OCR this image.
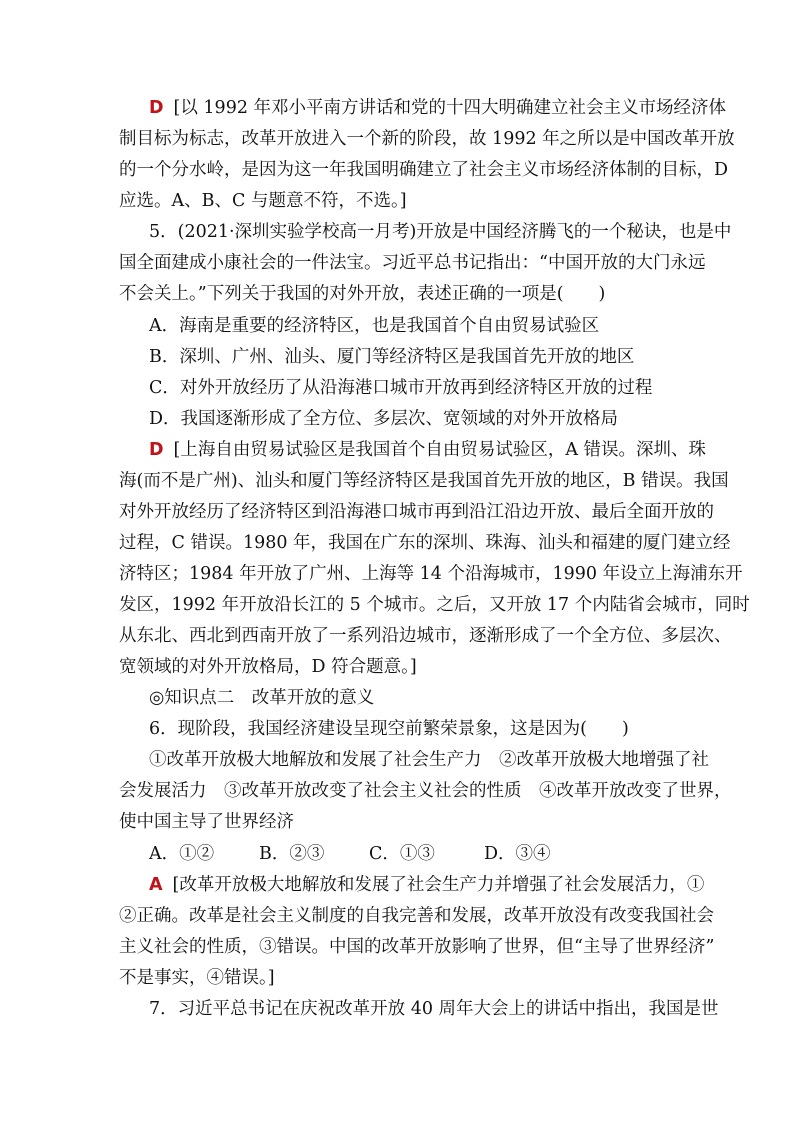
D [以 1992 年邓小平南方讲话和党的十四大明确建立社会主义市场经济体
制目标为标志，改革开放进入一个新的阶段，故 1992 年之所以是中国改革开放
的一个分水岭，是因为这一年我国明确建立了社会主义市场经济体制的目标，D
应选。A、B、C 与题意不符，不选。]
5．(2021·深圳实验学校高一月考)开放是中国经济腾飞的一个秘诀，也是中
国全面建成小康社会的一件法宝。习近平总书记指出：“中国开放的大门永远
不会关上。”下列关于我国的对外开放，表述正确的一项是(　　)
A．海南是重要的经济特区，也是我国首个自由贸易试验区
B．深圳、广州、汕头、厦门等经济特区是我国首先开放的地区
C．对外开放经历了从沿海港口城市开放再到经济特区开放的过程
D．我国逐渐形成了全方位、多层次、宽领域的对外开放格局
D [上海自由贸易试验区是我国首个自由贸易试验区，A 错误。深圳、珠
海(而不是广州)、汕头和厦门等经济特区是我国首先开放的地区，B 错误。我国
对外开放经历了经济特区到沿海港口城市再到沿江沿边开放、最后全面开放的
过程，C 错误。1980 年，我国在广东的深圳、珠海、汕头和福建的厦门建立经
济特区；1984 年开放了广州、上海等 14 个沿海城市，1990 年设立上海浦东开
发区，1992 年开放沿长江的 5 个城市。之后，又开放 17 个内陆省会城市，同时
从东北、西北到西南开放了一系列沿边城市，逐渐形成了一个全方位、多层次、
宽领域的对外开放格局，D 符合题意。]
◎知识点二　改革开放的意义
6．现阶段，我国经济建设呈现空前繁荣景象，这是因为(　　)
①改革开放极大地解放和发展了社会生产力　②改革开放极大地增强了社
会发展活力　③改革开放改变了社会主义社会的性质　④改革开放改变了世界，
使中国主导了世界经济
A．①②	B．②③	C．①③	D．③④
A [改革开放极大地解放和发展了社会生产力并增强了社会发展活力，①
②正确。改革是社会主义制度的自我完善和发展，改革开放没有改变我国社会
主义社会的性质，③错误。中国的改革开放影响了世界，但“主导了世界经济”
不是事实，④错误。]
7．习近平总书记在庆祝改革开放 40 周年大会上的讲话中指出，我国是世
